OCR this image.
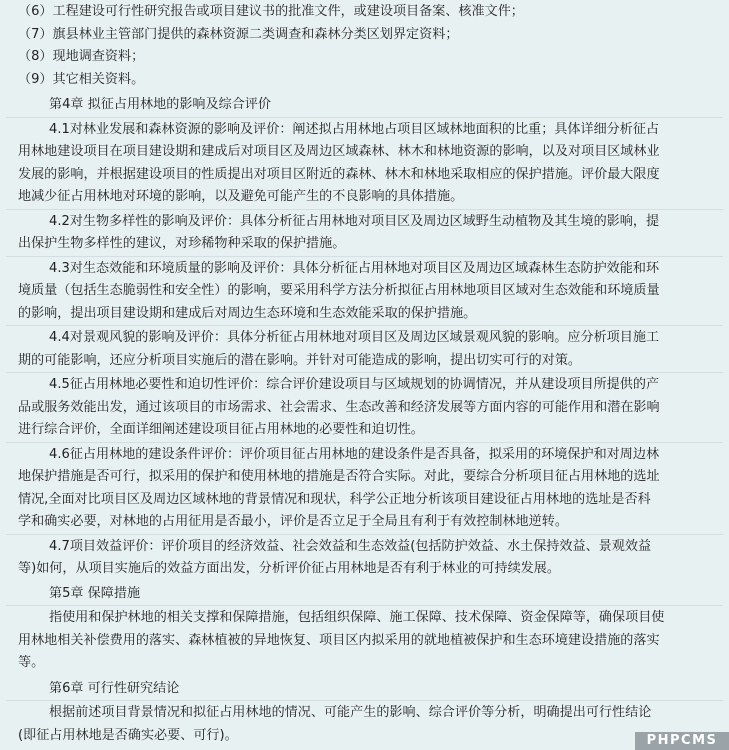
（6）工程建设可行性研究报告或项目建议书的批准文件，或建设项目备案、核准文件；
（7）旗县林业主管部门提供的森林资源二类调查和森林分类区划界定资料；
（8）现地调查资料；
（9）其它相关资料。
第4章 拟征占用林地的影响及综合评价
4.1对林业发展和森林资源的影响及评价：阐述拟占用林地占项目区域林地面积的比重；具体详细分析征占
用林地建设项目在项目建设期和建成后对项目区及周边区域森林、林木和林地资源的影响，以及对项目区域林业
发展的影响，并根据建设项目的性质提出对项目区附近的森林、林木和林地采取相应的保护措施。评价最大限度
地减少征占用林地对环境的影响，以及避免可能产生的不良影响的具体措施。
4.2对生物多样性的影响及评价：具体分析征占用林地对项目区及周边区域野生动植物及其生境的影响，提
出保护生物多样性的建议，对珍稀物种采取的保护措施。
4.3对生态效能和环境质量的影响及评价：具体分析征占用林地对项目区及周边区域森林生态防护效能和环
境质量（包括生态脆弱性和安全性）的影响，要采用科学方法分析拟征占用林地项目区域对生态效能和环境质量
的影响，提出项目建设期和建成后对周边生态环境和生态效能采取的保护措施。
4.4对景观风貌的影响及评价：具体分析征占用林地对项目区及周边区域景观风貌的影响。应分析项目施工
期的可能影响，还应分析项目实施后的潜在影响。并针对可能造成的影响，提出切实可行的对策。
4.5征占用林地必要性和迫切性评价：综合评价建设项目与区域规划的协调情况，并从建设项目所提供的产
品或服务效能出发，通过该项目的市场需求、社会需求、生态改善和经济发展等方面内容的可能作用和潜在影响
进行综合评价，全面详细阐述建设项目征占用林地的必要性和迫切性。
4.6征占用林地的建设条件评价：评价项目征占用林地的建设条件是否具备，拟采用的环境保护和对周边林
地保护措施是否可行，拟采用的保护和使用林地的措施是否符合实际。对此，要综合分析项目征占用林地的选址
情况,全面对比项目区及周边区域林地的背景情况和现状，科学公正地分析该项目建设征占用林地的选址是否科
学和确实必要，对林地的占用征用是否最小，评价是否立足于全局且有利于有效控制林地逆转。
4.7项目效益评价：评价项目的经济效益、社会效益和生态效益(包括防护效益、水土保持效益、景观效益
等)如何，从项目实施后的效益方面出发，分析评价征占用林地是否有利于林业的可持续发展。
第5章 保障措施
指使用和保护林地的相关支撑和保障措施，包括组织保障、施工保障、技术保障、资金保障等，确保项目使
用林地相关补偿费用的落实、森林植被的异地恢复、项目区内拟采用的就地植被保护和生态环境建设措施的落实
等。
第6章 可行性研究结论
根据前述项目背景情况和拟征占用林地的情况、可能产生的影响、综合评价等分析，明确提出可行性结论
(即征占用林地是否确实必要、可行)。	PHPCMS
